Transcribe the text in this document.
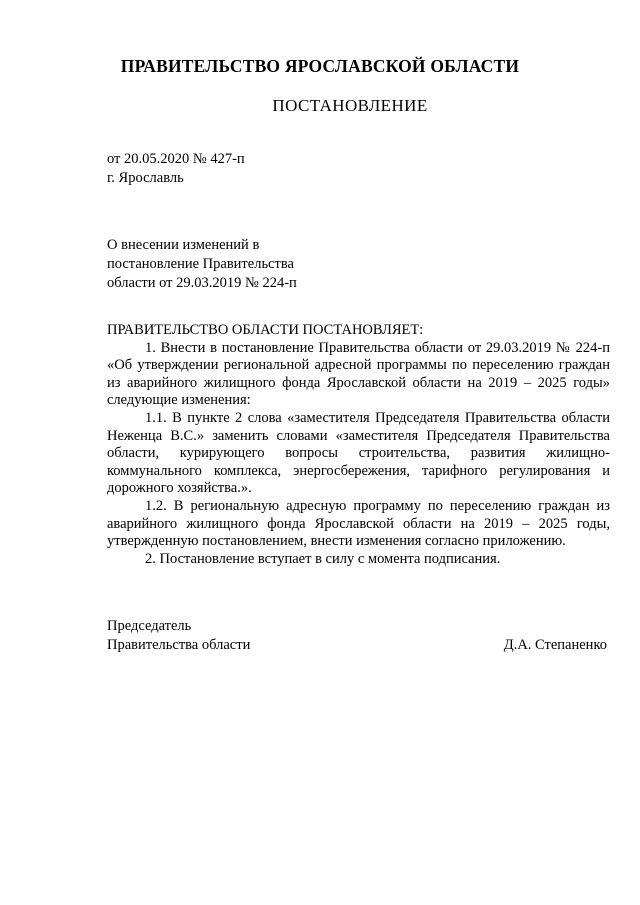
ПРАВИТЕЛЬСТВО ЯРОСЛАВСКОЙ ОБЛАСТИ
ПОСТАНОВЛЕНИЕ
от 20.05.2020 № 427-п
г. Ярославль
О внесении изменений в
постановление Правительства
области от 29.03.2019 № 224-п

ПРАВИТЕЛЬСТВО ОБЛАСТИ ПОСТАНОВЛЯЕТ:

1. Внести в постановление Правительства области от 29.03.2019 № 224-п «Об утверждении региональной адресной программы по переселению граждан из аварийного жилищного фонда Ярославской области на 2019 – 2025 годы» следующие изменения:

1.1. В пункте 2 слова «заместителя Председателя Правительства области Неженца В.С.» заменить словами «заместителя Председателя Правительства области, курирующего вопросы строительства, развития жилищно-коммунального комплекса, энергосбережения, тарифного регулирования и дорожного хозяйства.».

1.2. В региональную адресную программу по переселению граждан из аварийного жилищного фонда Ярославской области на 2019 – 2025 годы, утвержденную постановлением, внести изменения согласно приложению.

2. Постановление вступает в силу с момента подписания.

Председатель
Правительства области	Д.А. Степаненко
